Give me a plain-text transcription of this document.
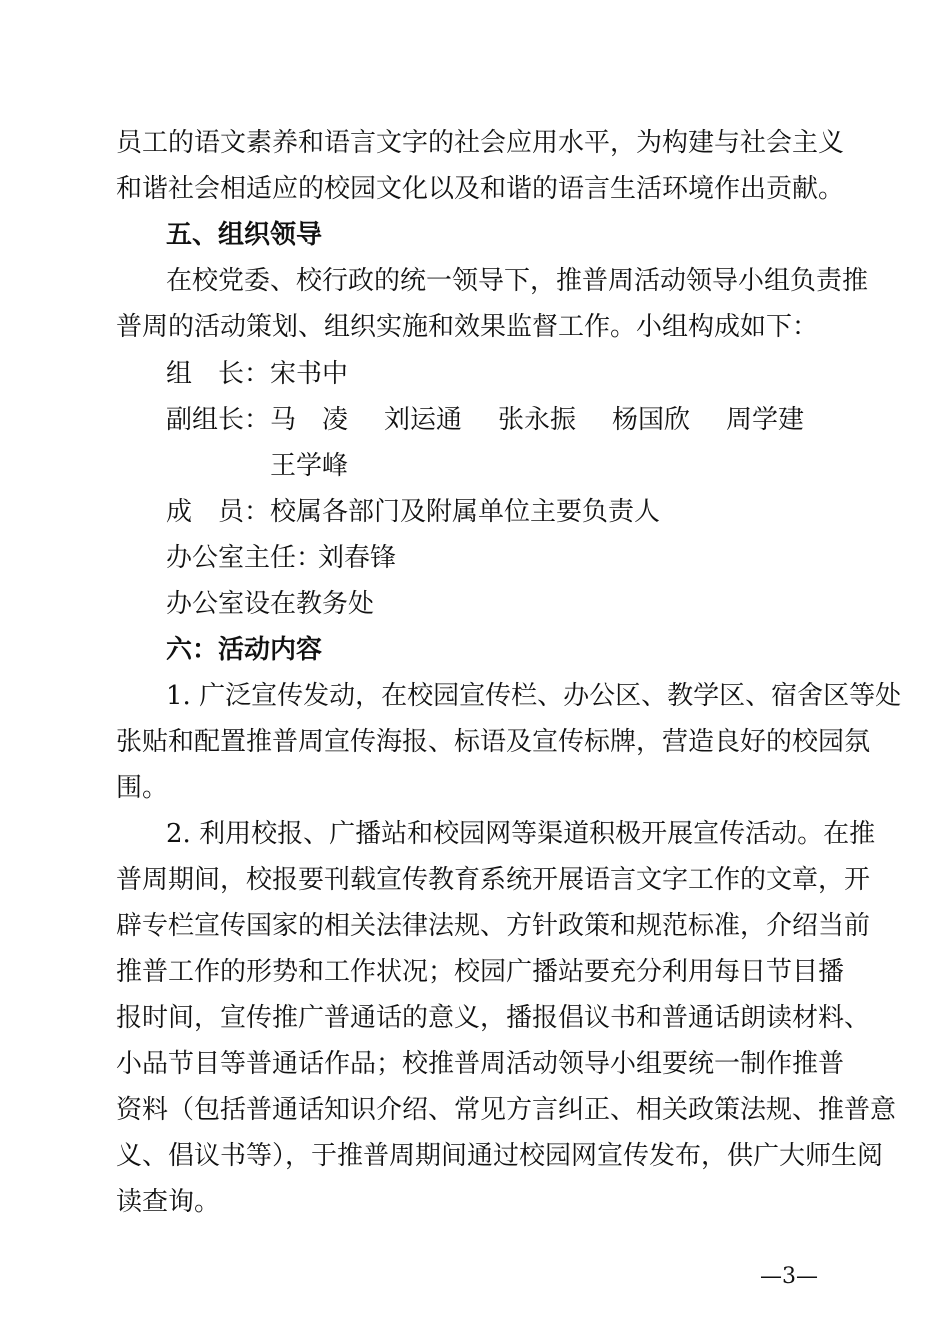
员工的语文素养和语言文字的社会应用水平，为构建与社会主义
和谐社会相适应的校园文化以及和谐的语言生活环境作出贡献。
五、组织领导
在校党委、校行政的统一领导下，推普周活动领导小组负责推
普周的活动策划、组织实施和效果监督工作。小组构成如下：
组　长： 宋书中
副组长： 马　凌 刘运通 张永振 杨国欣 周学建
王学峰
成　员： 校属各部门及附属单位主要负责人
办公室主任：
刘春锋
办公室设在教务处
六：活动内容
1. 广泛宣传发动，在校园宣传栏、办公区、教学区、宿舍区等处
张贴和配置推普周宣传海报、标语及宣传标牌，营造良好的校园氛
围。
2. 利用校报、广播站和校园网等渠道积极开展宣传活动。在推
普周期间，校报要刊载宣传教育系统开展语言文字工作的文章，开
辟专栏宣传国家的相关法律法规、方针政策和规范标准，介绍当前
推普工作的形势和工作状况；校园广播站要充分利用每日节目播
报时间，宣传推广普通话的意义，播报倡议书和普通话朗读材料、
小品节目等普通话作品；校推普周活动领导小组要统一制作推普
资料（包括普通话知识介绍、常见方言纠正、相关政策法规、推普意
义、倡议书等），于推普周期间通过校园网宣传发布，供广大师生阅
读查询。
—3—
